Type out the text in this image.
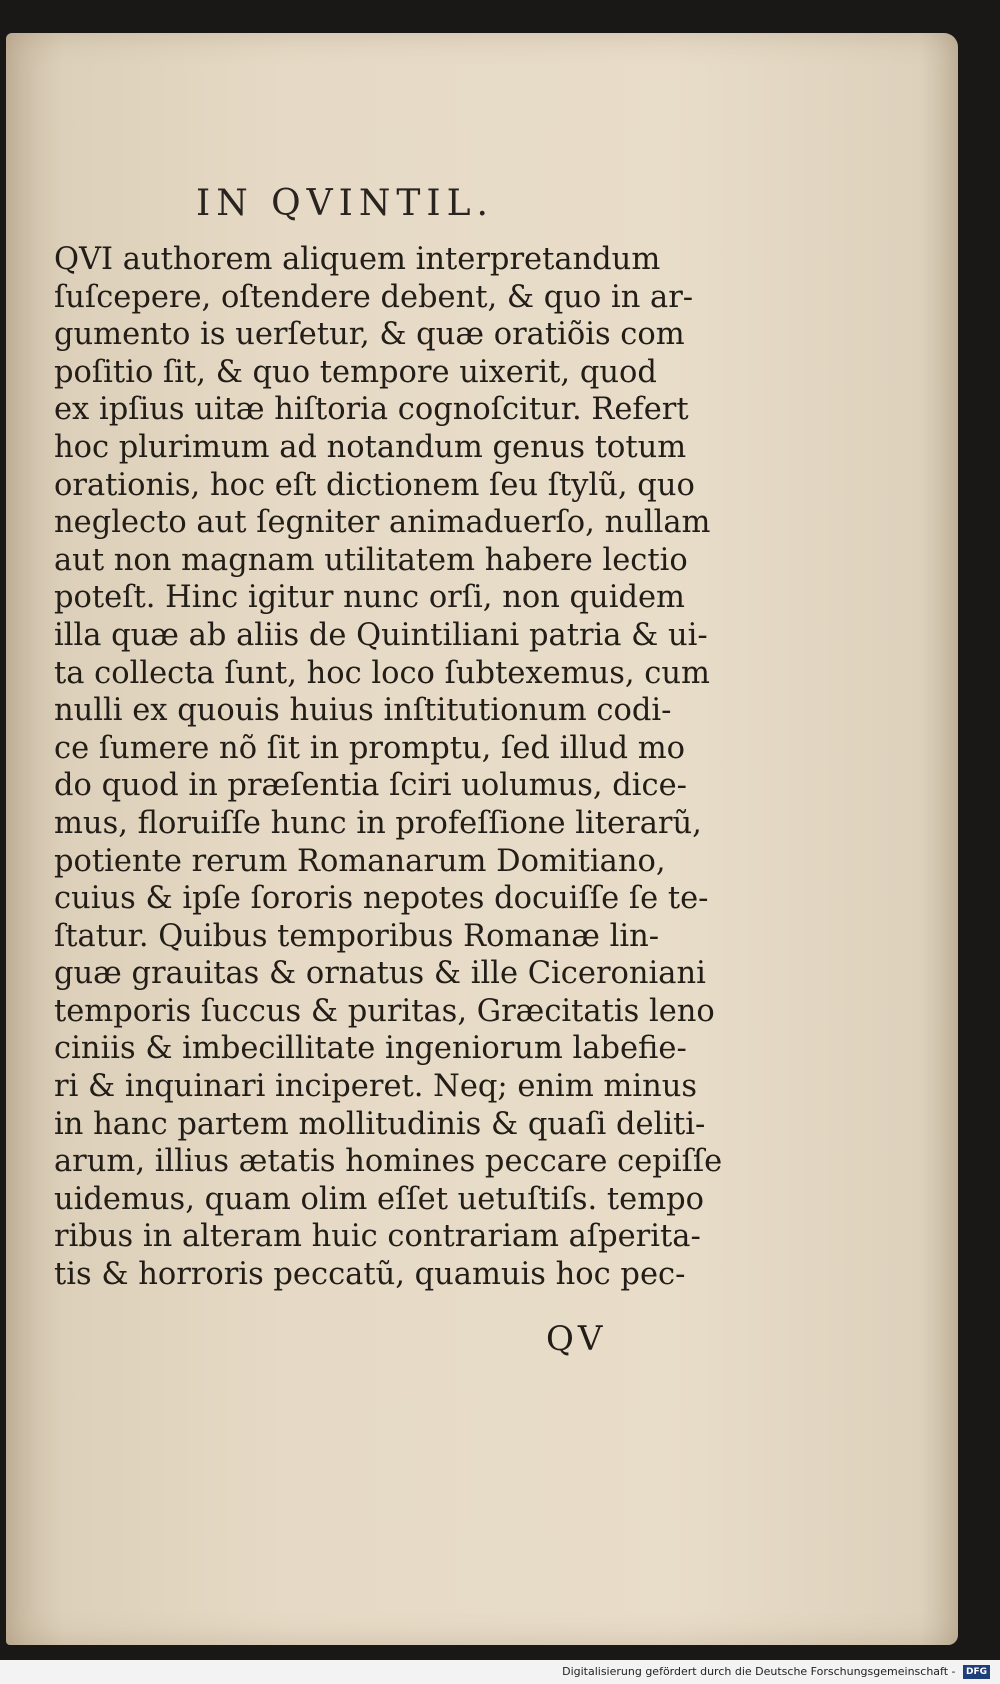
IN QVINTIL.
QVI authorem aliquem interpretandum
ſuſcepere, oſtendere debent, & quo in ar-
gumento is uerſetur, & quæ oratiõis com
poſitio ſit, & quo tempore uixerit, quod
ex ipſius uitæ hiſtoria cognoſcitur. Refert
hoc plurimum ad notandum genus totum
orationis, hoc eſt dictionem ſeu ſtylũ, quo
neglecto aut ſegniter animaduerſo, nullam
aut non magnam utilitatem habere lectio
poteſt. Hinc igitur nunc orſi, non quidem
illa quæ ab aliis de Quintiliani patria & ui-
ta collecta ſunt, hoc loco ſubtexemus, cum
nulli ex quouis huius inſtitutionum codi-
ce ſumere nõ ſit in promptu, ſed illud mo
do quod in præſentia ſciri uolumus, dice-
mus, floruiſſe hunc in profeſſione literarũ,
potiente rerum Romanarum Domitiano,
cuius & ipſe ſororis nepotes docuiſſe ſe te-
ſtatur. Quibus temporibus Romanæ lin-
guæ grauitas & ornatus & ille Ciceroniani
temporis ſuccus & puritas, Græcitatis leno
ciniis & imbecillitate ingeniorum labefie-
ri & inquinari inciperet. Neq; enim minus
in hanc partem mollitudinis & quaſi deliti-
arum, illius ætatis homines peccare cepiſſe
uidemus, quam olim eſſet uetuſtiſs. tempo
ribus in alteram huic contrariam aſperita-
tis & horroris peccatũ, quamuis hoc pec-
QV
Digitalisierung gefördert durch die Deutsche Forschungsgemeinschaft - DFG
